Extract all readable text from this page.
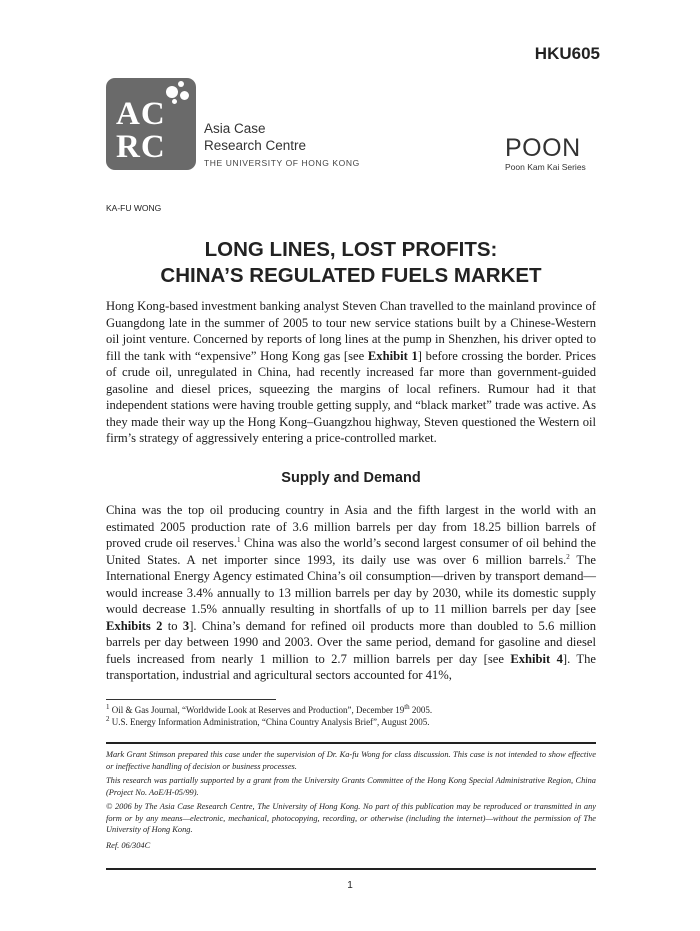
HKU605
AC
RC
Asia Case
Research Centre
THE UNIVERSITY OF HONG KONG
POON
Poon Kam Kai Series
KA-FU WONG
LONG LINES, LOST PROFITS:
CHINA’S REGULATED FUELS MARKET

Hong Kong-based investment banking analyst Steven Chan travelled to the mainland province of Guangdong late in the summer of 2005 to tour new service stations built by a Chinese-Western oil joint venture. Concerned by reports of long lines at the pump in Shenzhen, his driver opted to fill the tank with “expensive” Hong Kong gas [see Exhibit 1] before crossing the border. Prices of crude oil, unregulated in China, had recently increased far more than government-guided gasoline and diesel prices, squeezing the margins of local refiners. Rumour had it that independent stations were having trouble getting supply, and “black market” trade was active. As they made their way up the Hong Kong–Guangzhou highway, Steven questioned the Western oil firm’s strategy of aggressively entering a price-controlled market.

Supply and Demand

China was the top oil producing country in Asia and the fifth largest in the world with an estimated 2005 production rate of 3.6 million barrels per day from 18.25 billion barrels of proved crude oil reserves.$^1$ China was also the world’s second largest consumer of oil behind the United States. A net importer since 1993, its daily use was over 6 million barrels.$^2$ The International Energy Agency estimated China’s oil consumption—driven by transport demand—would increase 3.4% annually to 13 million barrels per day by 2030, while its domestic supply would decrease 1.5% annually resulting in shortfalls of up to 11 million barrels per day [see Exhibits 2 to 3]. China’s demand for refined oil products more than doubled to 5.6 million barrels per day between 1990 and 2003. Over the same period, demand for gasoline and diesel fuels increased from nearly 1 million to 2.7 million barrels per day [see Exhibit 4]. The transportation, industrial and agricultural sectors accounted for 41%,

$^1$ Oil & Gas Journal, “Worldwide Look at Reserves and Production”, December 19th 2005.
$^2$ U.S. Energy Information Administration, “China Country Analysis Brief”, August 2005.

Mark Grant Stimson prepared this case under the supervision of Dr. Ka-fu Wong for class discussion. This case is not intended to show effective or ineffective handling of decision or business processes.

This research was partially supported by a grant from the University Grants Committee of the Hong Kong Special Administrative Region, China (Project No. AoE/H-05/99).

© 2006 by The Asia Case Research Centre, The University of Hong Kong. No part of this publication may be reproduced or transmitted in any form or by any means—electronic, mechanical, photocopying, recording, or otherwise (including the internet)—without the permission of The University of Hong Kong.

Ref. 06/304C

1
